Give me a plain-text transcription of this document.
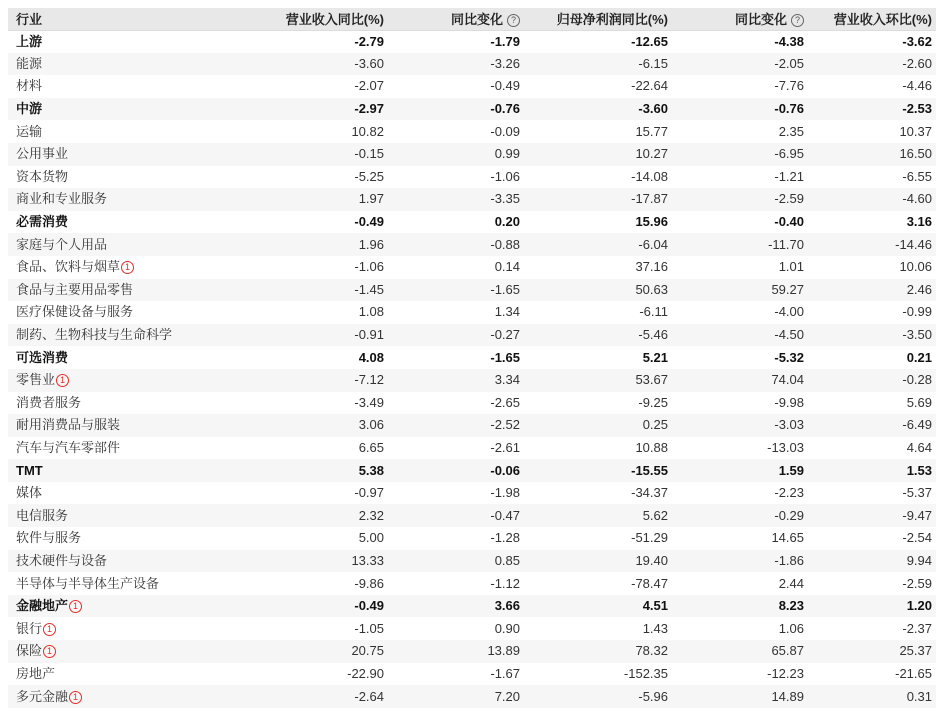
行业	营业收入同比(%)	同比变化 ?	归母净利润同比(%)	同比变化 ?	营业收入环比(%)
上游	-2.79	-1.79	-12.65	-4.38	-3.62
能源	-3.60	-3.26	-6.15	-2.05	-2.60
材料	-2.07	-0.49	-22.64	-7.76	-4.46
中游	-2.97	-0.76	-3.60	-0.76	-2.53
运输	10.82	-0.09	15.77	2.35	10.37
公用事业	-0.15	0.99	10.27	-6.95	16.50
资本货物	-5.25	-1.06	-14.08	-1.21	-6.55
商业和专业服务	1.97	-3.35	-17.87	-2.59	-4.60
必需消费	-0.49	0.20	15.96	-0.40	3.16
家庭与个人用品	1.96	-0.88	-6.04	-11.70	-14.46
食品、饮料与烟草 1	-1.06	0.14	37.16	1.01	10.06
食品与主要用品零售	-1.45	-1.65	50.63	59.27	2.46
医疗保健设备与服务	1.08	1.34	-6.11	-4.00	-0.99
制药、生物科技与生命科学	-0.91	-0.27	-5.46	-4.50	-3.50
可选消费	4.08	-1.65	5.21	-5.32	0.21
零售业 1	-7.12	3.34	53.67	74.04	-0.28
消费者服务	-3.49	-2.65	-9.25	-9.98	5.69
耐用消费品与服装	3.06	-2.52	0.25	-3.03	-6.49
汽车与汽车零部件	6.65	-2.61	10.88	-13.03	4.64
TMT	5.38	-0.06	-15.55	1.59	1.53
媒体	-0.97	-1.98	-34.37	-2.23	-5.37
电信服务	2.32	-0.47	5.62	-0.29	-9.47
软件与服务	5.00	-1.28	-51.29	14.65	-2.54
技术硬件与设备	13.33	0.85	19.40	-1.86	9.94
半导体与半导体生产设备	-9.86	-1.12	-78.47	2.44	-2.59
金融地产 1	-0.49	3.66	4.51	8.23	1.20
银行 1	-1.05	0.90	1.43	1.06	-2.37
保险 1	20.75	13.89	78.32	65.87	25.37
房地产	-22.90	-1.67	-152.35	-12.23	-21.65
多元金融 1	-2.64	7.20	-5.96	14.89	0.31
